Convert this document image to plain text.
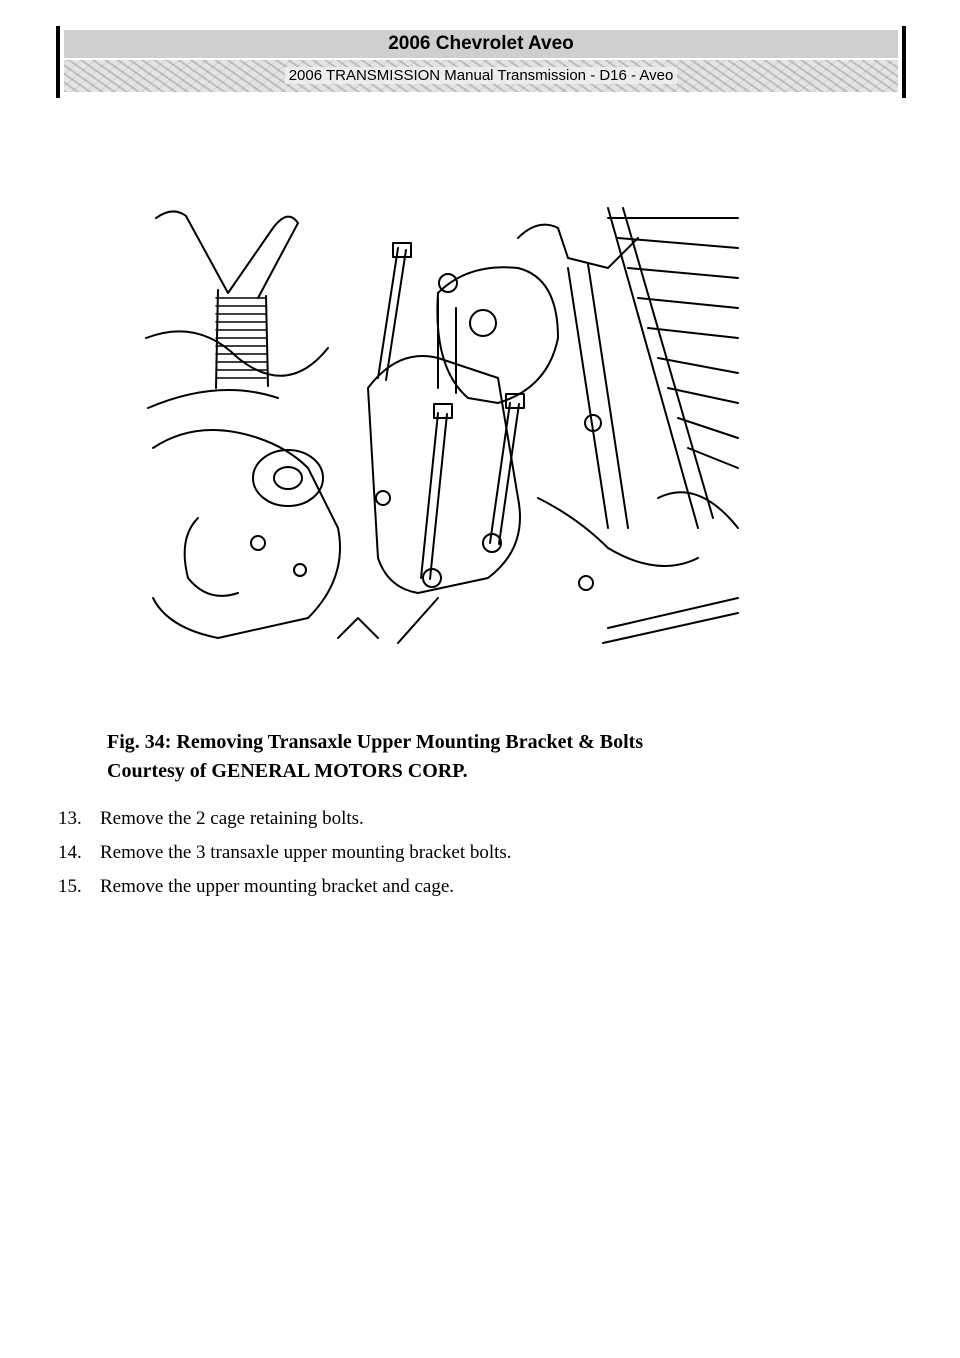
2006 Chevrolet Aveo
2006 TRANSMISSION Manual Transmission - D16 - Aveo
Fig. 34: Removing Transaxle Upper Mounting Bracket & Bolts
Courtesy of GENERAL MOTORS CORP.
13. Remove the 2 cage retaining bolts.
14. Remove the 3 transaxle upper mounting bracket bolts.
15. Remove the upper mounting bracket and cage.
